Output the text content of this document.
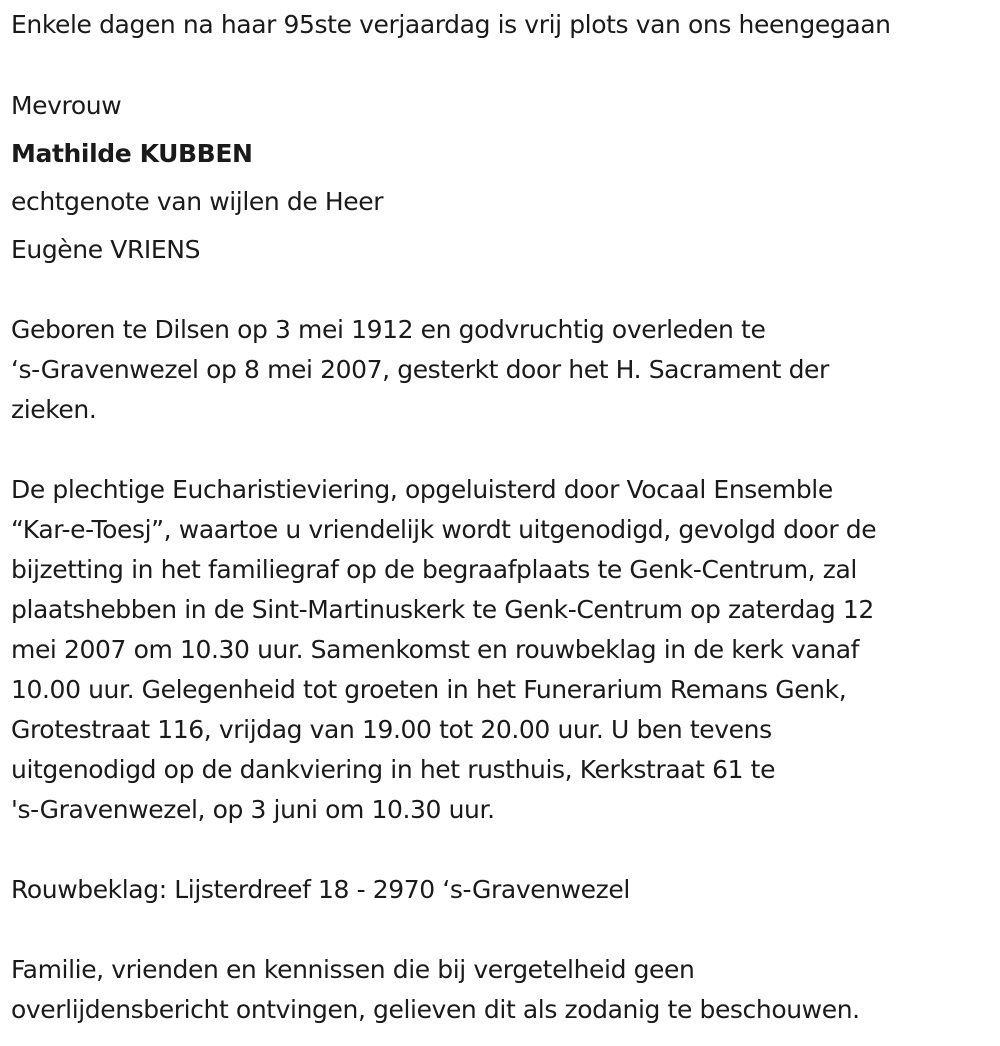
Enkele dagen na haar 95ste verjaardag is vrij plots van ons heengegaan
Mevrouw
Mathilde KUBBEN
echtgenote van wijlen de Heer
Eugène VRIENS
Geboren te Dilsen op 3 mei 1912 en godvruchtig overleden te
‘s-Gravenwezel op 8 mei 2007, gesterkt door het H. Sacrament der
zieken.
De plechtige Eucharistieviering, opgeluisterd door Vocaal Ensemble
“Kar-e-Toesj”, waartoe u vriendelijk wordt uitgenodigd, gevolgd door de
bijzetting in het familiegraf op de begraafplaats te Genk-Centrum, zal
plaatshebben in de Sint-Martinuskerk te Genk-Centrum op zaterdag 12
mei 2007 om 10.30 uur. Samenkomst en rouwbeklag in de kerk vanaf
10.00 uur. Gelegenheid tot groeten in het Funerarium Remans Genk,
Grotestraat 116, vrijdag van 19.00 tot 20.00 uur. U ben tevens
uitgenodigd op de dankviering in het rusthuis, Kerkstraat 61 te
's-Gravenwezel, op 3 juni om 10.30 uur.
Rouwbeklag: Lijsterdreef 18 - 2970 ‘s-Gravenwezel
Familie, vrienden en kennissen die bij vergetelheid geen
overlijdensbericht ontvingen, gelieven dit als zodanig te beschouwen.
